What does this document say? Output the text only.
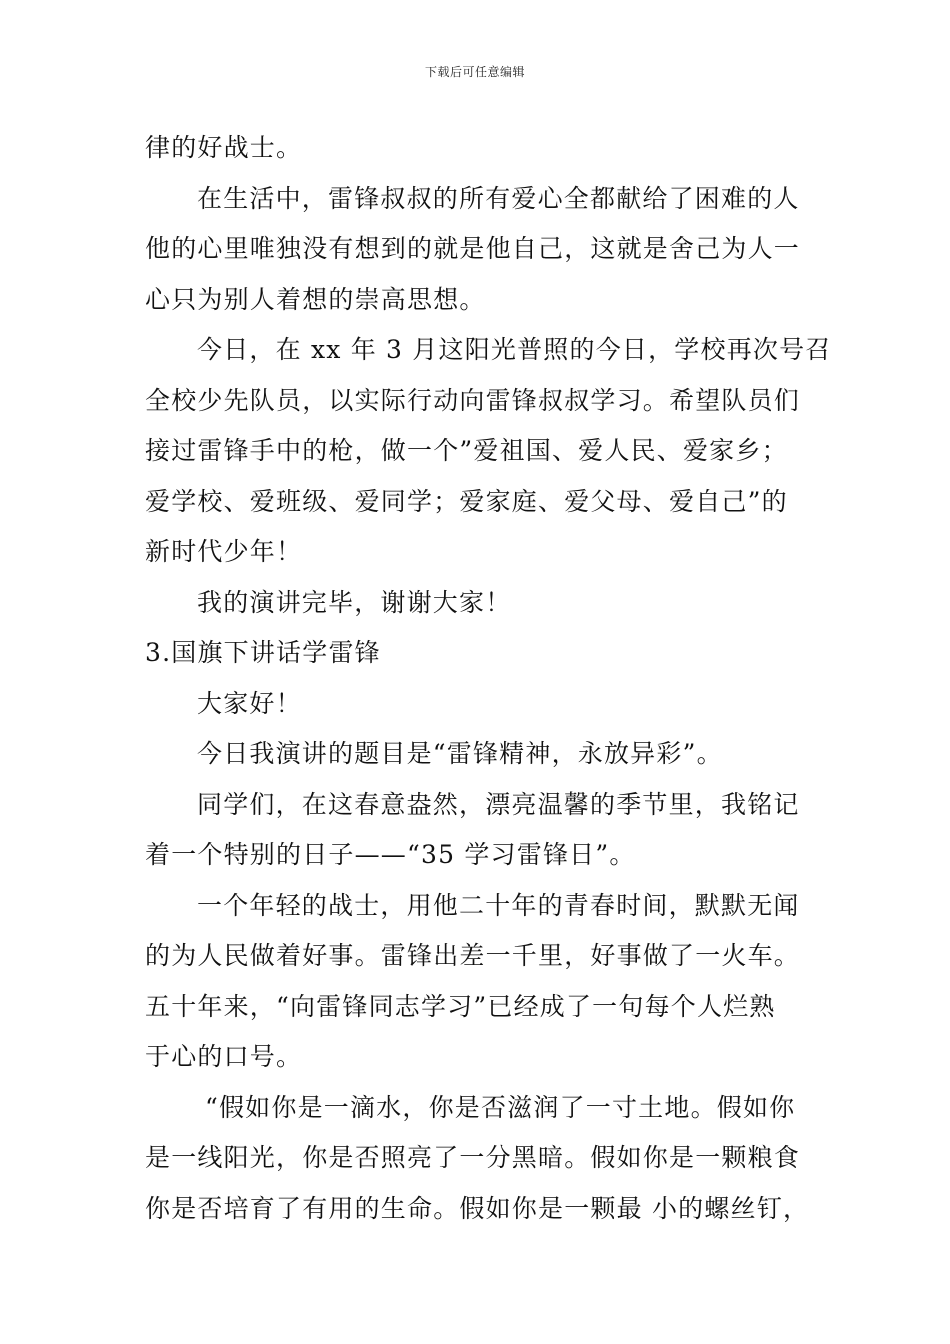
下载后可任意编辑
律的好战士。
在生活中，雷锋叔叔的所有爱心全都献给了困难的人
他的心里唯独没有想到的就是他自己，这就是舍己为人一
心只为别人着想的崇高思想。
今日，在 xx 年 3 月这阳光普照的今日，学校再次号召
全校少先队员，以实际行动向雷锋叔叔学习。希望队员们
接过雷锋手中的枪，做一个”爱祖国、爱人民、爱家乡；
爱学校、爱班级、爱同学；爱家庭、爱父母、爱自己”的
新时代少年！
我的演讲完毕，谢谢大家！
3.国旗下讲话学雷锋
大家好！
今日我演讲的题目是“雷锋精神，永放异彩”。
同学们，在这春意盎然，漂亮温馨的季节里，我铭记
着一个特别的日子——“35 学习雷锋日”。
一个年轻的战士，用他二十年的青春时间，默默无闻
的为人民做着好事。雷锋出差一千里，好事做了一火车。
五十年来，“向雷锋同志学习”已经成了一句每个人烂熟
于心的口号。
“假如你是一滴水，你是否滋润了一寸土地。假如你
是一线阳光，你是否照亮了一分黑暗。假如你是一颗粮食
你是否培育了有用的生命。假如你是一颗最 小的螺丝钉，
